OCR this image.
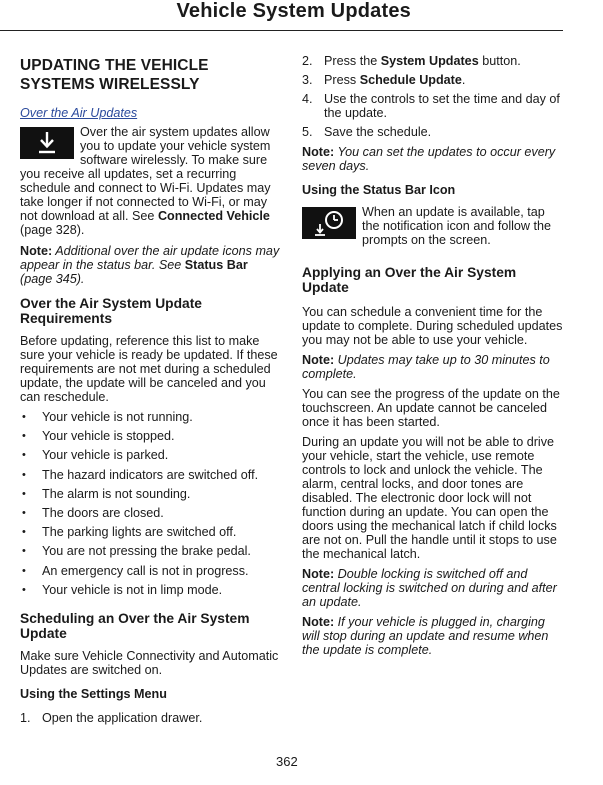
Vehicle System Updates
UPDATING THE VEHICLE SYSTEMS WIRELESSLY
Over the Air Updates
Over the air system updates allow you to update your vehicle system software wirelessly. To make sure you receive all updates, set a recurring schedule and connect to Wi-Fi. Updates may take longer if not connected to Wi-Fi, or may not download at all. See Connected Vehicle (page 328).

Note: Additional over the air update icons may appear in the status bar. See Status Bar (page 345).

Over the Air System Update Requirements

Before updating, reference this list to make sure your vehicle is ready be updated. If these requirements are not met during a scheduled update, the update will be canceled and you can reschedule.

• Your vehicle is not running.
• Your vehicle is stopped.
• Your vehicle is parked.
• The hazard indicators are switched off.
• The alarm is not sounding.
• The doors are closed.
• The parking lights are switched off.
• You are not pressing the brake pedal.
• An emergency call is not in progress.
• Your vehicle is not in limp mode.
Scheduling an Over the Air System Update

Make sure Vehicle Connectivity and Automatic Updates are switched on.

Using the Settings Menu
1. Open the application drawer.
2. Press the System Updates button.
3. Press Schedule Update.
4. Use the controls to set the time and day of the update.
5. Save the schedule.

Note: You can set the updates to occur every seven days.

Using the Status Bar Icon
When an update is available, tap the notification icon and follow the prompts on the screen.
Applying an Over the Air System Update

You can schedule a convenient time for the update to complete. During scheduled updates you may not be able to use your vehicle.

Note: Updates may take up to 30 minutes to complete.

You can see the progress of the update on the touchscreen. An update cannot be canceled once it has been started.

During an update you will not be able to drive your vehicle, start the vehicle, use remote controls to lock and unlock the vehicle. The alarm, central locks, and door tones are disabled. The electronic door lock will not function during an update. You can open the doors using the mechanical latch if child locks are not on. Pull the handle until it stops to use the mechanical latch.

Note: Double locking is switched off and central locking is switched on during and after an update.

Note: If your vehicle is plugged in, charging will stop during an update and resume when the update is complete.

362
